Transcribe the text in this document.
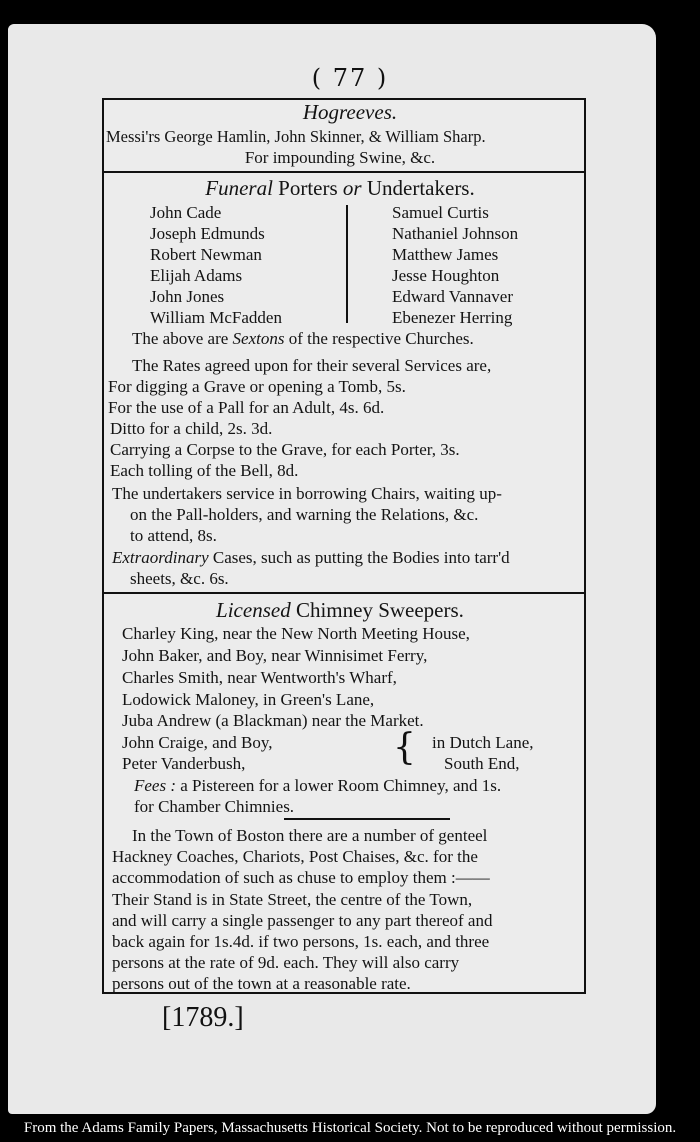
( 77 )
Hogreeves.
Messi'rs George Hamlin, John Skinner, & William Sharp.
For impounding Swine, &c.
Funeral Porters or Undertakers.
John Cade
Joseph Edmunds
Robert Newman
Elijah Adams
John Jones
William McFadden
Samuel Curtis
Nathaniel Johnson
Matthew James
Jesse Houghton
Edward Vannaver
Ebenezer Herring
The above are Sextons of the respective Churches.
The Rates agreed upon for their several Services are,
For digging a Grave or opening a Tomb, 5s.
For the use of a Pall for an Adult, 4s. 6d.
Ditto for a child, 2s. 3d.
Carrying a Corpse to the Grave, for each Porter, 3s.
Each tolling of the Bell, 8d.
The undertakers service in borrowing Chairs, waiting up-
on the Pall-holders, and warning the Relations, &c.
to attend, 8s.
Extraordinary Cases, such as putting the Bodies into tarr'd
sheets, &c. 6s.
Licensed Chimney Sweepers.
Charley King, near the New North Meeting House,
John Baker, and Boy, near Winnisimet Ferry,
Charles Smith, near Wentworth's Wharf,
Lodowick Maloney, in Green's Lane,
Juba Andrew (a Blackman) near the Market.
John Craige, and Boy,	{ in Dutch Lane,
Peter Vanderbush,	South End,
Fees : a Pistereen for a lower Room Chimney, and 1s.
for Chamber Chimnies.
In the Town of Boston there are a number of genteel
Hackney Coaches, Chariots, Post Chaises, &c. for the
accommodation of such as chuse to employ them :——
Their Stand is in State Street, the centre of the Town,
and will carry a single passenger to any part thereof and
back again for 1s.4d. if two persons, 1s. each, and three
persons at the rate of 9d. each. They will also carry
persons out of the town at a reasonable rate.
[1789.]
From the Adams Family Papers, Massachusetts Historical Society. Not to be reproduced without permission.
